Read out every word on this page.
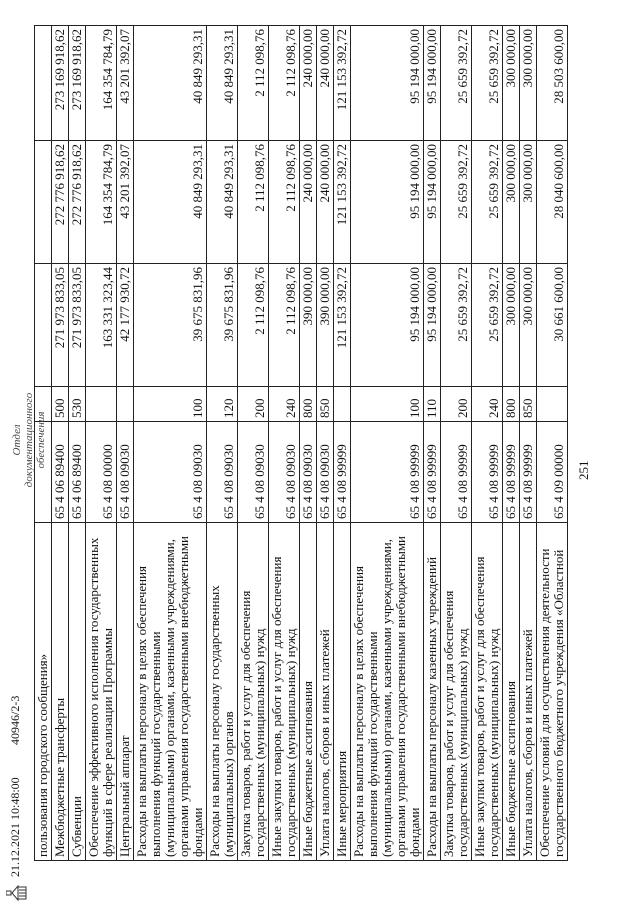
251
пользования городского сообщения»					
Межбюджетные трансферты	65 4 06 89400	500	271 973 833,05	272 776 918,62	273 169 918,62
Субвенции	65 4 06 89400	530	271 973 833,05	272 776 918,62	273 169 918,62
Обеспечение эффективного исполнения государственных функций в сфере реализации Программы	65 4 08 00000		163 331 323,44	164 354 784,79	164 354 784,79
Центральный аппарат	65 4 08 09030		42 177 930,72	43 201 392,07	43 201 392,07
Расходы на выплаты персоналу в целях обеспечения выполнения функций государственными (муниципальными) органами, казенными учреждениями, органами управления государственными внебюджетными фондами	65 4 08 09030	100	39 675 831,96	40 849 293,31	40 849 293,31
Расходы на выплаты персоналу государственных (муниципальных) органов	65 4 08 09030	120	39 675 831,96	40 849 293,31	40 849 293,31
Закупка товаров, работ и услуг для обеспечения государственных (муниципальных) нужд	65 4 08 09030	200	2 112 098,76	2 112 098,76	2 112 098,76
Иные закупки товаров, работ и услуг для обеспечения государственных (муниципальных) нужд	65 4 08 09030	240	2 112 098,76	2 112 098,76	2 112 098,76
Иные бюджетные ассигнования	65 4 08 09030	800	390 000,00	240 000,00	240 000,00
Уплата налогов, сборов и иных платежей	65 4 08 09030	850	390 000,00	240 000,00	240 000,00
Иные мероприятия	65 4 08 99999		121 153 392,72	121 153 392,72	121 153 392,72
Расходы на выплаты персоналу в целях обеспечения выполнения функций государственными (муниципальными) органами, казенными учреждениями, органами управления государственными внебюджетными фондами	65 4 08 99999	100	95 194 000,00	95 194 000,00	95 194 000,00
Расходы на выплаты персоналу казенных учреждений	65 4 08 99999	110	95 194 000,00	95 194 000,00	95 194 000,00
Закупка товаров, работ и услуг для обеспечения государственных (муниципальных) нужд	65 4 08 99999	200	25 659 392,72	25 659 392,72	25 659 392,72
Иные закупки товаров, работ и услуг для обеспечения государственных (муниципальных) нужд	65 4 08 99999	240	25 659 392,72	25 659 392,72	25 659 392,72
Иные бюджетные ассигнования	65 4 08 99999	800	300 000,00	300 000,00	300 000,00
Уплата налогов, сборов и иных платежей	65 4 08 99999	850	300 000,00	300 000,00	300 000,00
Обеспечение условий для осуществления деятельности государственного бюджетного учреждения «Областной	65 4 09 00000		30 661 600,00	28 040 600,00	28 503 600,00
21.12.2021 10:48:00
40946/2-3
Отдел документационного обеспечения
